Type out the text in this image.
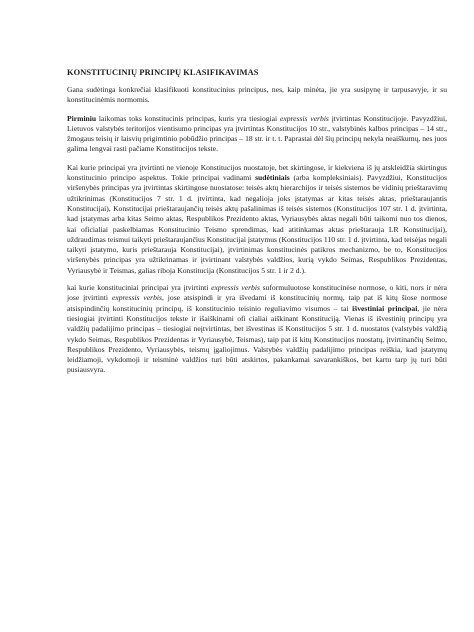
KONSTITUCINIŲ PRINCIPŲ KLASIFIKAVIMAS

Gana sudėtinga konkrečiai klasifikuoti konstitucinius principus, nes, kaip minėta, jie yra susipynę ir tarpusavyje, ir su konstitucinėmis normomis.

Pirminiu laikomas toks konstitucinis principas, kuris yra tiesiogiai expressis verbis įtvirtintas Konstitucijoje. Pavyzdžiui, Lietuvos valstybės teritorijos vientisumo principas yra įtvirtintas Konstitucijos 10 str., valstybinės kalbos principas – 14 str., žmogaus teisių ir laisvių prigimtinio pobūdžio principas – 18 str. ir t. t. Paprastai dėl šių principų nekyla neaiškumų, nes juos galima lengvai rasti pačiame Konstitucijos tekste.

Kai kurie principai yra įtvirtinti ne vienoje Konstitucijos nuostatoje, bet skirtingose, ir kiekviena iš jų atskleidžia skirtingus konstitucinio principo aspektus. Tokie principai vadinami sudėtiniais (arba kompleksiniais). Pavyzdžiui, Konstitucijos viršenybės principas yra įtvirtintas skirtingose nuostatose: teisės aktų hierarchijos ir teisės sistemos be vidinių prieštaravimų užtikrinimas (Konstitucijos 7 str. 1 d. įtvirtinta, kad negalioja joks įstatymas ar kitas teisės aktas, prieštaraujantis Konstitucijai), Konstitucijai prieštaraujančių teisės aktų pašalinimas iš teisės sistemos (Konstitucijos 107 str. 1 d. įtvirtinta, kad įstatymas arba kitas Seimo aktas, Respublikos Prezidento aktas, Vyriausybės aktas negali būti taikomi nuo tos dienos, kai oficialiai paskelbiamas Konstitucinio Teismo sprendimas, kad atitinkamas aktas prieštarauja LR Konstitucijai), uždraudimas teismui taikyti prieštaraujančius Konstitucijai įstatymus (Konstitucijos 110 str. 1 d. įtvirtinta, kad teisėjas negali taikyti įstatymo, kuris prieštarauja Konstitucijai), įtvirtinimas konstitucinės patikros mechanizmo, be to, Konstitucijos viršenybės principas yra užtikrinamas ir įtvirtinant valstybės valdžios, kurią vykdo Seimas, Respublikos Prezidentas, Vyriausybė ir Teismas, galias riboja Konstitucija (Konstitucijos 5 str. 1 ir 2 d.).

kai kurie konstituciniai principai yra įtvirtinti expressis verbis suformuluotose konstitucinėse normose, o kiti, nors ir nėra jose įtvirtinti expressis verbis, jose atsispindi ir yra išvedami iš konstitucinių normų, taip pat iš kitų šiose normose atsispindinčių konstitucinių principų, iš konstitucinio teisinio reguliavimo visumos – tai išvestiniai principai, jie nėra tiesiogiai įtvirtinti Konstitucijos tekste ir išaiškinami ofi cialiai aiškinant Konstituciją. Vienas iš išvestinių principų yra valdžių padalijimo principas – tiesiogiai neįtvirtintas, bet išvestinas iš Konstitucijos 5 str. 1 d. nuostatos (valstybės valdžią vykdo Seimas, Respublikos Prezidentas ir Vyriausybė, Teismas), taip pat iš kitų Konstitucijos nuostatų, įtvirtinančių Seimo, Respublikos Prezidento, Vyriausybės, teismų įgaliojimus. Valstybės valdžių padalijimo principas reiškia, kad įstatymų leidžiamoji, vykdomoji ir teisminė valdžios turi būti atskirtos, pakankamai savarankiškos, bet kartu tarp jų turi būti pusiausvyra.
